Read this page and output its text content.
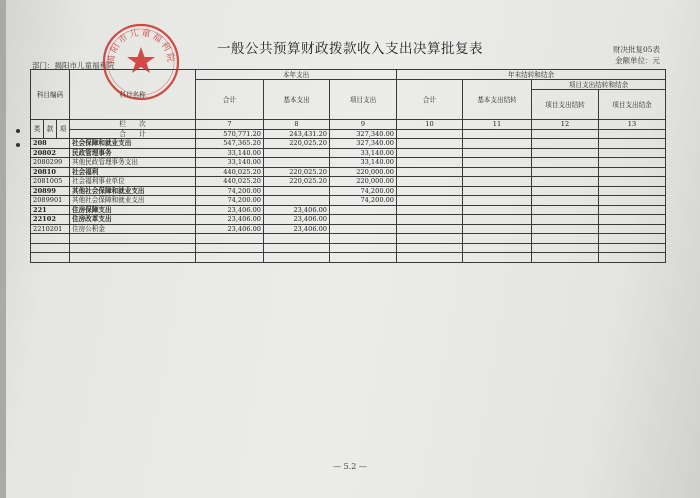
一般公共预算财政拨款收入支出决算批复表	财决批复05表
金额单位：元
部门：揭阳市儿童福利院
科目编码			科目名称	本年支出			年末结转和结余			
				合计	基本支出	项目支出	合计	基本支出结转	项目支出结转和结余	
									项目支出结转	项目支出结余

类	款	项	栏　　次	7	8	9	10	11	12	13
			合　　计	570,771.20	243,431.20	327,340.00				
208			社会保障和就业支出	547,365.20	220,025.20	327,340.00				
20802			民政管理事务	33,140.00		33,140.00				
2080299			其他民政管理事务支出	33,140.00		33,140.00				
20810			社会福利	440,025.20	220,025.20	220,000.00				
2081005			社会福利事业单位	440,025.20	220,025.20	220,000.00				
20899			其他社会保障和就业支出	74,200.00		74,200.00				
2089901			其他社会保障和就业支出	74,200.00		74,200.00				
221			住房保障支出	23,406.00	23,406.00					
22102			住房改革支出	23,406.00	23,406.00					
2210201			住房公积金	23,406.00	23,406.00					

揭阳市儿童福利院
— 5.2 —
